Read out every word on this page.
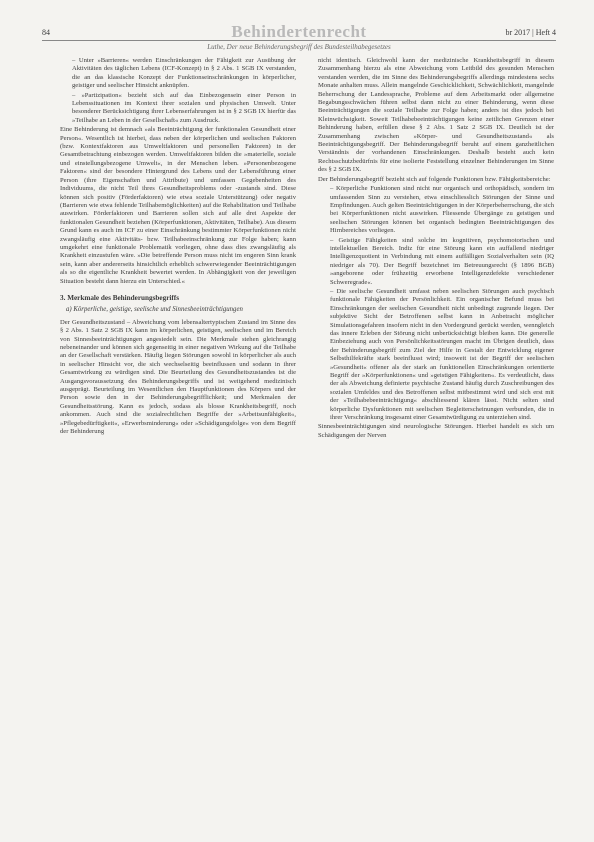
84	Behindertenrecht	br 2017 | Heft 4
Luthe, Der neue Behinderungsbegriff des Bundesteilhabegesetzes

– Unter »Barrieren« werden Einschränkungen der Fähigkeit zur Ausübung der Aktivitäten des täglichen Lebens (ICF-Konzept) in § 2 Abs. 1 SGB IX verstanden, die an das klassische Konzept der Funktionseinschränkungen in körperlicher, geistiger und seelischer Hinsicht anknüpfen.

– »Partizipation« bezieht sich auf das Einbezogensein einer Person in Lebenssituationen im Kontext ihrer sozialen und physischen Umwelt. Unter besonderer Berücksichtigung ihrer Lebenserfahrungen ist in § 2 SGB IX hierfür das »Teilhabe an Leben in der Gesellschaft« zum Ausdruck.

Eine Behinderung ist demnach »als Beeinträchtigung der funktionalen Gesundheit einer Person«. Wesentlich ist hierbei, dass neben der körperlichen und seelischen Faktoren (bzw. Kontextfaktoren aus Umweltfaktoren und personellen Faktoren) in der Gesamtbetrachtung einbezogen werden. Umweltfaktoren bilden die »materielle, soziale und einstellungsbezogene Umwelt«, in der Menschen leben. »Personenbezogene Faktoren« sind der besondere Hintergrund des Lebens und der Lebensführung einer Person (ihre Eigenschaften und Attribute) und umfassen Gegebenheiten des Individuums, die nicht Teil ihres Gesundheitsproblems oder -zustands sind. Diese können sich positiv (Förderfaktoren) wie etwa soziale Unterstützung) oder negativ (Barrieren wie etwa fehlende Teilhabemöglichkeiten) auf die Rehabilitation und Teilhabe auswirken. Förderfaktoren und Barrieren sollen sich auf alle drei Aspekte der funktionalen Gesundheit beziehen (Körperfunktionen, Aktivitäten, Teilhabe). Aus diesem Grund kann es auch im ICF zu einer Einschränkung bestimmter Körperfunktionen nicht zwangsläufig eine Aktivitäts- bzw. Teilhabeeinschränkung zur Folge haben; kann umgekehrt eine funktionale Problematik vorliegen, ohne dass dies zwangsläufig als Krankheit einzustufen wäre. »Die betreffende Person muss nicht im engeren Sinn krank sein, kann aber andererseits hinsichtlich erheblich schwerwiegender Beeinträchtigungen als so die eigentliche Krankheit bewertet werden. In Abhängigkeit von der jeweiligen Situation besteht dann hierzu ein Unterschied.«

3. Merkmale des Behinderungsbegriffs
a) Körperliche, geistige, seelische und Sinnesbeeinträchtigungen

Der Gesundheitszustand – Abweichung vom lebensaltertypischen Zustand im Sinne des § 2 Abs. 1 Satz 2 SGB IX kann im körperlichen, geistigen, seelischen und im Bereich von Sinnesbeeinträchtigungen angesiedelt sein. Die Merkmale stehen gleichrangig nebeneinander und können sich gegenseitig in einer negativen Wirkung auf die Teilhabe an der Gesellschaft verstärken. Häufig liegen Störungen sowohl in körperlicher als auch in seelischer Hinsicht vor, die sich wechselseitig beeinflussen und sodann in ihrer Gesamtwirkung zu würdigen sind. Die Beurteilung des Gesundheitszustandes ist die Ausgangsvoraussetzung des Behinderungsbegriffs und ist weitgehend medizinisch ausgeprägt. Beurteilung im Wesentlichen den Hauptfunktionen des Körpers und der Person sowie den in der Behinderungsbegrifflichkeit; und Merkmalen der Gesundheitsstörung. Kann es jedoch, sodass als blosse Krankheitsbegriff, noch ankommen. Auch sind die sozialrechtlichen Begriffe der »Arbeitsunfähigkeit«, »Pflegebedürftigkeit«, »Erwerbsminderung« oder »Schädigungsfolge« von dem Begriff der Behinderung

nicht identisch. Gleichwohl kann der medizinische Krankheitsbegriff in diesem Zusammenhang hierzu als eine Abweichung vom Leitbild des gesunden Menschen verstanden werden, die im Sinne des Behinderungsbegriffs allerdings mindestens sechs Monate anhalten muss. Allein mangelnde Geschicklichkeit, Schwächlichkeit, mangelnde Beherrschung der Landessprache, Probleme auf dem Arbeitsmarkt oder allgemeine Begabungsschwächen führen selbst dann nicht zu einer Behinderung, wenn diese Beeinträchtigungen die soziale Teilhabe zur Folge haben; anders ist dies jedoch bei Kleinwüchsigkeit. Soweit Teilhabebeeinträchtigungen keine zeitlichen Grenzen einer Behinderung haben, erfüllen diese § 2 Abs. 1 Satz 2 SGB IX. Deutlich ist der Zusammenhang zwischen »Körper- und Gesundheitszustand« als Beeinträchtigungsbegriff. Der Behinderungsbegriff beruht auf einem ganzheitlichen Verständnis der vorhandenen Einschränkungen. Deshalb besteht auch kein Rechtsschutzbedürfnis für eine isolierte Feststellung einzelner Behinderungen im Sinne des § 2 SGB IX.

Der Behinderungsbegriff bezieht sich auf folgende Funktionen bzw. Fähigkeitsbereiche:

– Körperliche Funktionen sind nicht nur organisch und orthopädisch, sondern im umfassenden Sinn zu verstehen, etwa einschliesslich Störungen der Sinne und Empfindungen. Auch gelten Beeinträchtigungen in der Körperbeherrschung, die sich bei Körperfunktionen nicht auswirken. Fliessende Übergänge zu geistigen und seelischen Störungen können bei organisch bedingten Beeinträchtigungen des Hirnbereiches vorliegen.

– Geistige Fähigkeiten sind solche im kognitiven, psychomotorischen und intellektuellen Bereich. Indiz für eine Störung kann ein auffallend niedriger Intelligenzquotient in Verbindung mit einem auffälligen Sozialverhalten sein (IQ niedriger als 70). Der Begriff bezeichnet im Betreuungsrecht (§ 1896 BGB) »angeborene oder frühzeitig erworbene Intelligenzdefekte verschiedener Schweregrade«.

– Die seelische Gesundheit umfasst neben seelischen Störungen auch psychisch funktionale Fähigkeiten der Persönlichkeit. Ein organischer Befund muss bei Einschränkungen der seelischen Gesundheit nicht unbedingt zugrunde liegen. Der subjektive Sicht der Betroffenen selbst kann in Anbetracht möglicher Simulationsgefahren insofern nicht in den Vordergrund gerückt werden, wenngleich das innere Erleben der Störung nicht unberücksichtigt bleiben kann. Die generelle Einbeziehung auch von Persönlichkeitsstörungen macht im Übrigen deutlich, dass der Behinderungsbegriff zum Ziel der Hilfe in Gestalt der Entwicklung eigener Selbsthilfekräfte stark beeinflusst wird; insoweit ist der Begriff der seelischen »Gesundheit« offener als der stark an funktionellen Einschränkungen orientierte Begriff der »Körperfunktionen« und »geistigen Fähigkeiten«. Es verdeutlicht, dass der als Abweichung definierte psychische Zustand häufig durch Zuschreibungen des sozialen Umfeldes und des Betroffenen selbst mitbestimmt wird und sich erst mit der »Teilhabebeeinträchtigung« abschliessend klären lässt. Nicht selten sind körperliche Dysfunktionen mit seelischen Begleiterscheinungen verbunden, die in ihrer Verschränkung insgesamt einer Gesamtwürdigung zu unterziehen sind.

Sinnesbeeinträchtigungen sind neurologische Störungen. Hierbei handelt es sich um Schädigungen der Nerven
